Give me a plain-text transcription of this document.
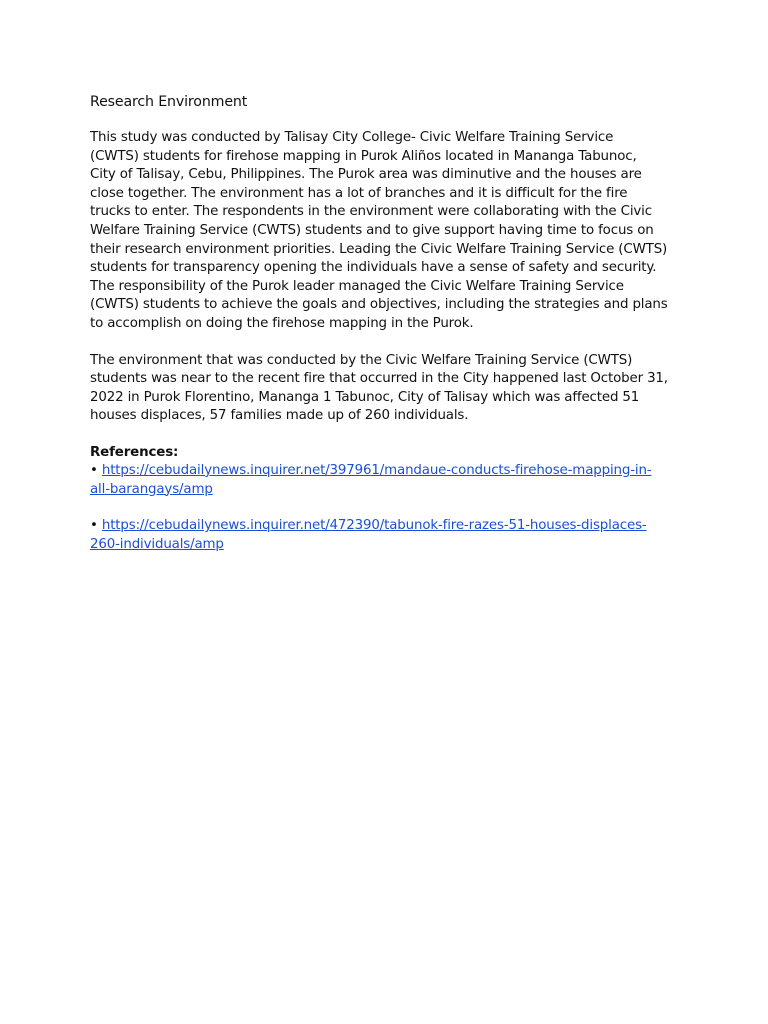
Research Environment
This study was conducted by Talisay City College- Civic Welfare Training Service
(CWTS) students for firehose mapping in Purok Aliños located in Mananga Tabunoc,
City of Talisay, Cebu, Philippines. The Purok area was diminutive and the houses are
close together. The environment has a lot of branches and it is difficult for the fire
trucks to enter. The respondents in the environment were collaborating with the Civic
Welfare Training Service (CWTS) students and to give support having time to focus on
their research environment priorities. Leading the Civic Welfare Training Service (CWTS)
students for transparency opening the individuals have a sense of safety and security.
The responsibility of the Purok leader managed the Civic Welfare Training Service
(CWTS) students to achieve the goals and objectives, including the strategies and plans
to accomplish on doing the firehose mapping in the Purok.
The environment that was conducted by the Civic Welfare Training Service (CWTS)
students was near to the recent fire that occurred in the City happened last October 31,
2022 in Purok Florentino, Mananga 1 Tabunoc, City of Talisay which was affected 51
houses displaces, 57 families made up of 260 individuals.
References:
• https://cebudailynews.inquirer.net/397961/mandaue-conducts-firehose-mapping-in-
all-barangays/amp
• https://cebudailynews.inquirer.net/472390/tabunok-fire-razes-51-houses-displaces-
260-individuals/amp
